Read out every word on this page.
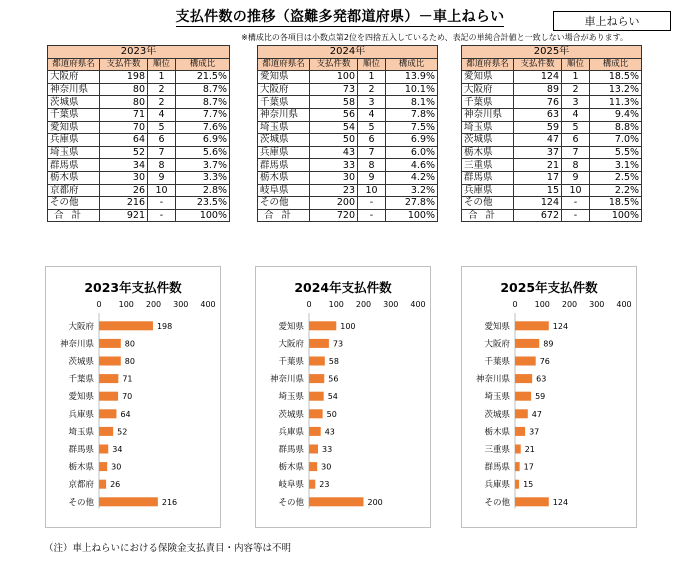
支払件数の推移（盗難多発都道府県）－車上ねらい	車上ねらい
※構成比の各項目は小数点第2位を四捨五入しているため、表記の単純合計値と一致しない場合があります。
2023年			
都道府県名	支払件数	順位	構成比
大阪府	198	1	21.5%
神奈川県	80	2	8.7%
茨城県	80	2	8.7%
千葉県	71	4	7.7%
愛知県	70	5	7.6%
兵庫県	64	6	6.9%
埼玉県	52	7	5.6%
群馬県	34	8	3.7%
栃木県	30	9	3.3%
京都府	26	10	2.8%
その他	216	-	23.5%
合計	921	-	100%
2024年			
都道府県名	支払件数	順位	構成比
愛知県	100	1	13.9%
大阪府	73	2	10.1%
千葉県	58	3	8.1%
神奈川県	56	4	7.8%
埼玉県	54	5	7.5%
茨城県	50	6	6.9%
兵庫県	43	7	6.0%
群馬県	33	8	4.6%
栃木県	30	9	4.2%
岐阜県	23	10	3.2%
その他	200	-	27.8%
合計	720	-	100%
2025年			
都道府県名	支払件数	順位	構成比
愛知県	124	1	18.5%
大阪府	89	2	13.2%
千葉県	76	3	11.3%
神奈川県	63	4	9.4%
埼玉県	59	5	8.8%
茨城県	47	6	7.0%
栃木県	37	7	5.5%
三重県	21	8	3.1%
群馬県	17	9	2.5%
兵庫県	15	10	2.2%
その他	124	-	18.5%
合計	672	-	100%
2023年支払件数
0 100 200 300 400
大阪府	198
神奈川県	80
茨城県	80
千葉県	71
愛知県	70
兵庫県	64
埼玉県	52
群馬県 34
栃木県 30
京都府 26
その他	216
2024年支払件数
0 100 200 300 400
愛知県	100
大阪府	73
千葉県	58
神奈川県	56
埼玉県	54
茨城県	50
兵庫県	43
群馬県 33
栃木県 30
岐阜県 23
その他	200
2025年支払件数
0 100 200 300 400
愛知県	124
大阪府	89
千葉県	76
神奈川県	63
埼玉県	59
茨城県	47
栃木県 37
三重県 21
群馬県 17
兵庫県 15
その他	124
（注）車上ねらいにおける保険金支払責目・内容等は不明
